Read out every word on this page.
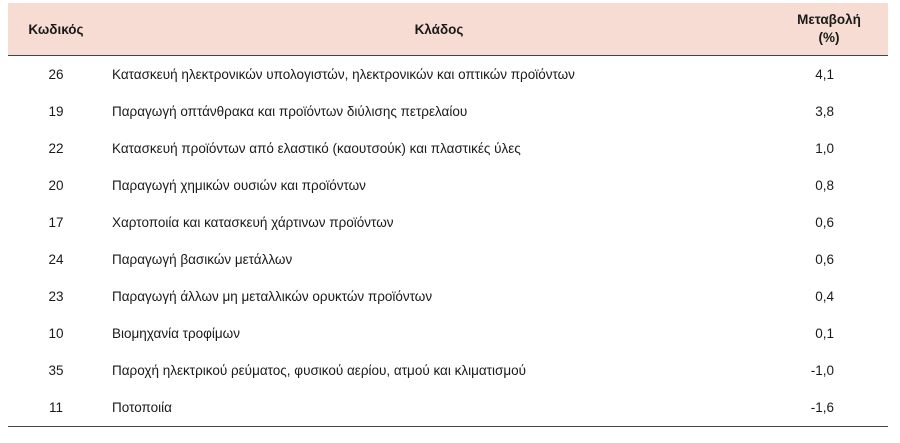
Κωδικός	Κλάδος	Μεταβολή
(%)

26	Κατασκευή ηλεκτρονικών υπολογιστών, ηλεκτρονικών και οπτικών προϊόντων	4,1
19	Παραγωγή οπτάνθρακα και προϊόντων διύλισης πετρελαίου	3,8
22	Κατασκευή προϊόντων από ελαστικό (καουτσούκ) και πλαστικές ύλες	1,0
20	Παραγωγή χημικών ουσιών και προϊόντων	0,8
17	Χαρτοποιία και κατασκευή χάρτινων προϊόντων	0,6
24	Παραγωγή βασικών μετάλλων	0,6
23	Παραγωγή άλλων μη μεταλλικών ορυκτών προϊόντων	0,4
10	Βιομηχανία τροφίμων	0,1
35	Παροχή ηλεκτρικού ρεύματος, φυσικού αερίου, ατμού και κλιματισμού	-1,0
11	Ποτοποιία	-1,6
